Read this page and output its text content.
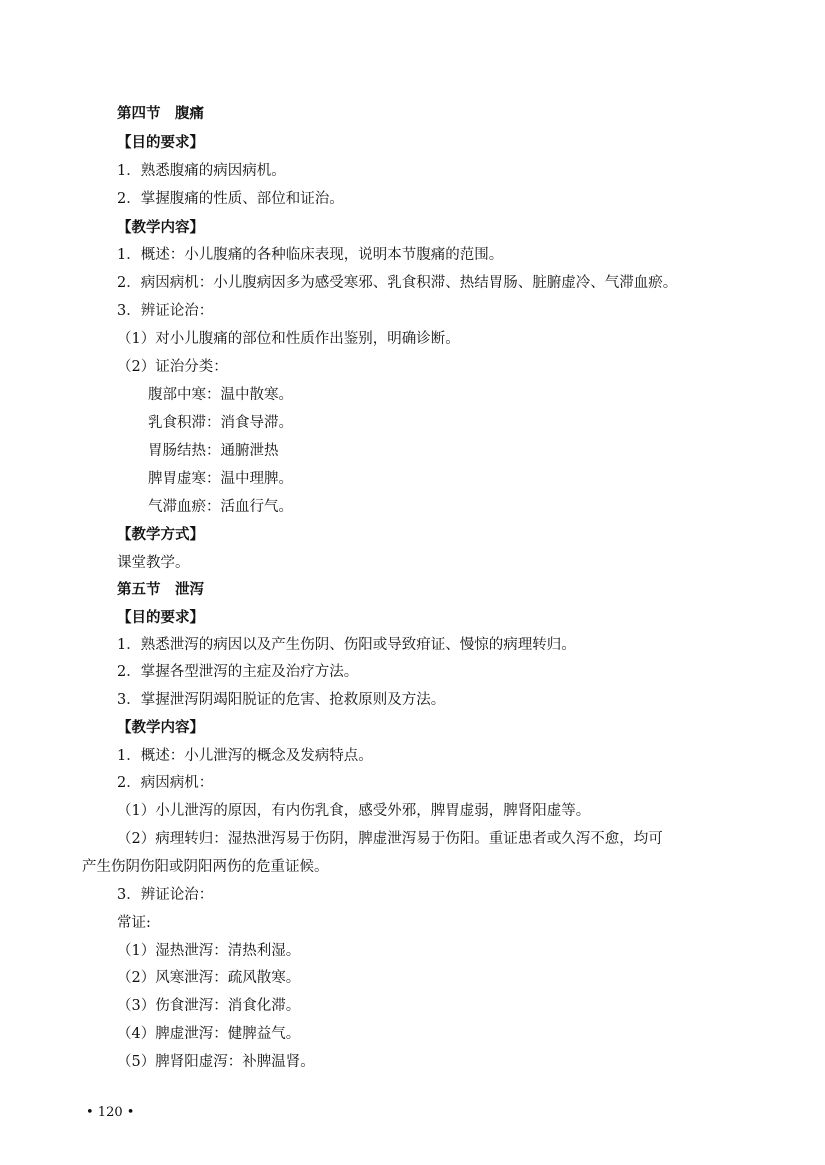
第四节　腹痛
【目的要求】
1．熟悉腹痛的病因病机。
2．掌握腹痛的性质、部位和证治。
【教学内容】
1．概述：小儿腹痛的各种临床表现，说明本节腹痛的范围。
2．病因病机：小儿腹病因多为感受寒邪、乳食积滞、热结胃肠、脏腑虚冷、气滞血瘀。
3．辨证论治：
（1）对小儿腹痛的部位和性质作出鉴别，明确诊断。
（2）证治分类：
腹部中寒：温中散寒。
乳食积滞：消食导滞。
胃肠结热：通腑泄热
脾胃虚寒：温中理脾。
气滞血瘀：活血行气。
【教学方式】
课堂教学。
第五节　泄泻
【目的要求】
1．熟悉泄泻的病因以及产生伤阴、伤阳或导致疳证、慢惊的病理转归。
2．掌握各型泄泻的主症及治疗方法。
3．掌握泄泻阴竭阳脱证的危害、抢救原则及方法。
【教学内容】
1．概述：小儿泄泻的概念及发病特点。
2．病因病机：
（1）小儿泄泻的原因，有内伤乳食，感受外邪，脾胃虚弱，脾肾阳虚等。
（2）病理转归：湿热泄泻易于伤阴，脾虚泄泻易于伤阳。重证患者或久泻不愈，均可
产生伤阴伤阳或阴阳两伤的危重证候。
3．辨证论治：
常证:
（1）湿热泄泻：清热利湿。
（2）风寒泄泻：疏风散寒。
（3）伤食泄泻：消食化滞。
（4）脾虚泄泻：健脾益气。
（5）脾肾阳虚泻：补脾温肾。
• 120 •
